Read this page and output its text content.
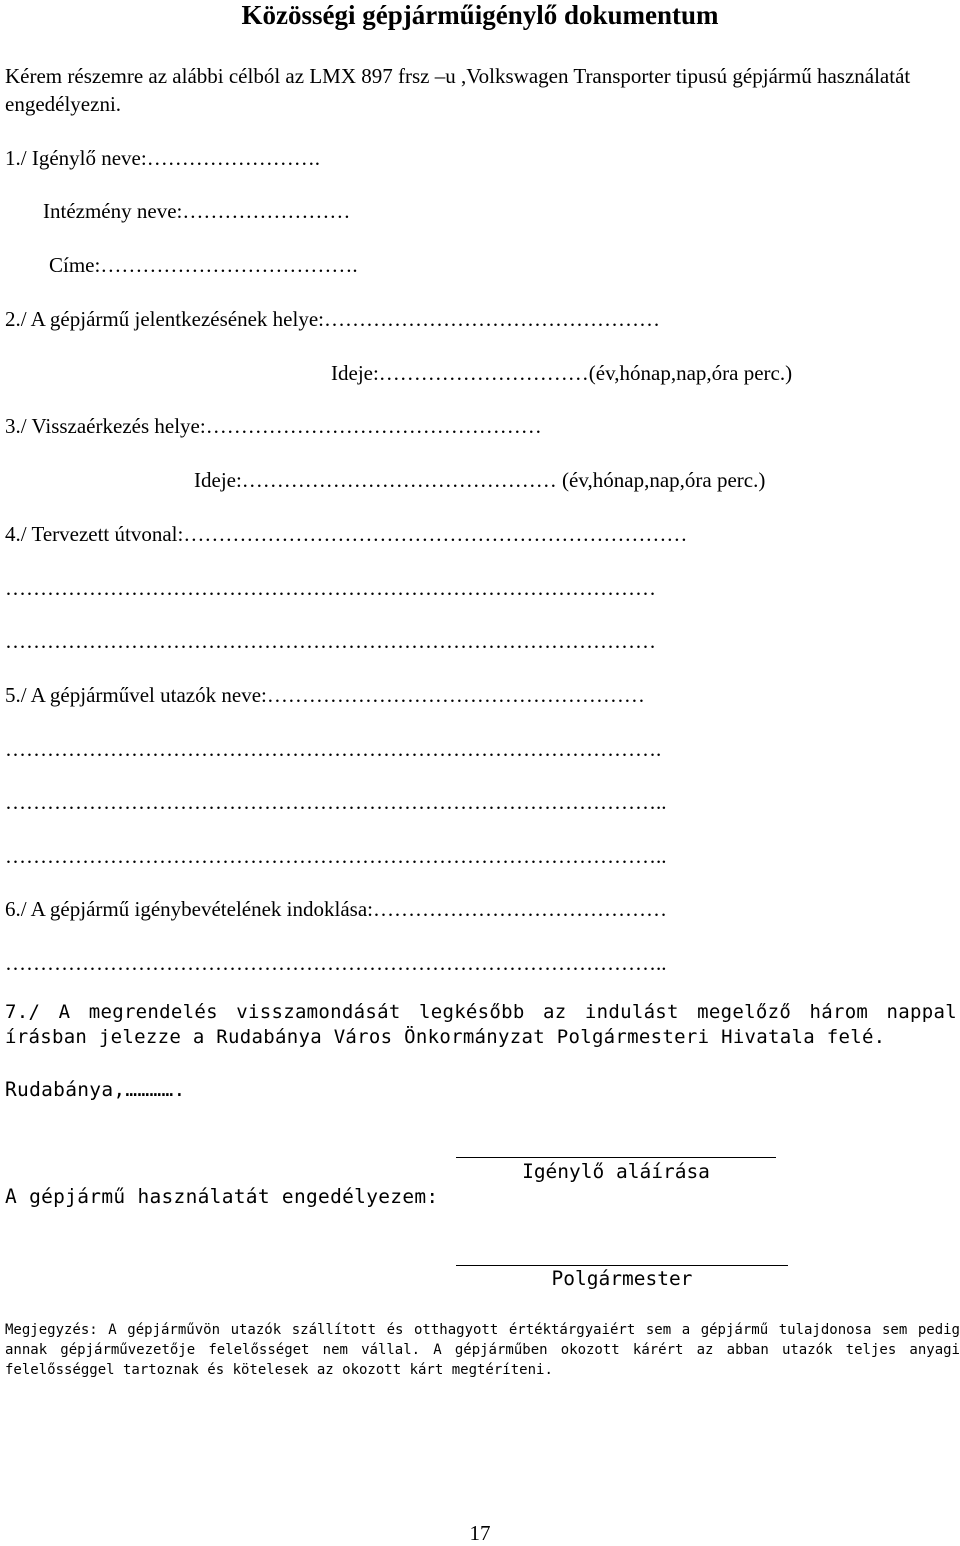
Közösségi gépjárműigénylő dokumentum
Kérem részemre az alábbi célból az LMX 897 frsz –u ,Volkswagen Transporter tipusú gépjármű használatát engedélyezni.
1./ Igénylő neve:…………………….
Intézmény neve:……………………
Címe:……………………………….
2./ A gépjármű jelentkezésének helye:…………………………………………
Ideje:…………………………(év,hónap,nap,óra perc.)
3./ Visszaérkezés helye:…………………………………………
Ideje:……………………………………… (év,hónap,nap,óra perc.)
4./ Tervezett útvonal:………………………………………………………………
…………………………………………………………………………………
…………………………………………………………………………………
5./ A gépjárművel utazók neve:………………………………………………
………………………………………………………………………………….
…………………………………………………………………………………..
…………………………………………………………………………………..
6./ A gépjármű igénybevételének indoklása:……………………………………
…………………………………………………………………………………..
7./ A megrendelés visszamondását legkésőbb az indulást megelőző három nappal írásban jelezze a Rudabánya Város Önkormányzat Polgármesteri Hivatala felé.
Rudabánya,………….
Igénylő aláírása
A gépjármű használatát engedélyezem:
Polgármester
Megjegyzés: A gépjárművön utazók szállított és otthagyott értéktárgyaiért sem a gépjármű tulajdonosa sem pedig annak gépjárművezetője felelősséget nem vállal. A gépjárműben okozott kárért az abban utazók teljes anyagi felelősséggel tartoznak és kötelesek az okozott kárt megtéríteni.
17
